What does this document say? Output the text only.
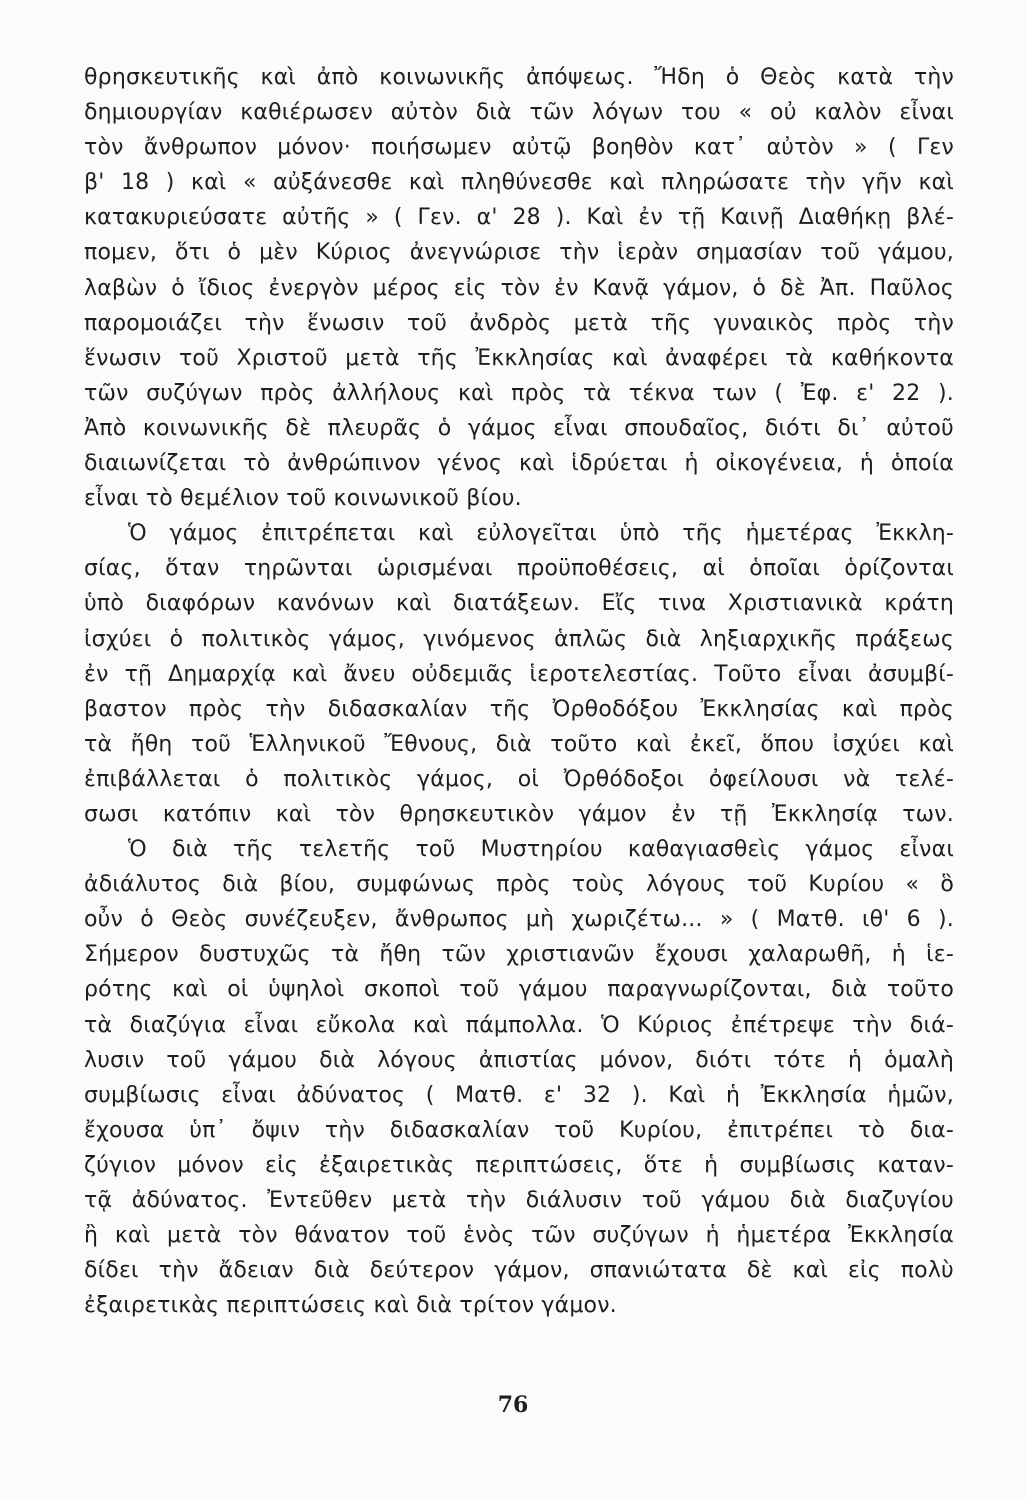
θρησκευτικῆς καὶ ἀπὸ κοινωνικῆς ἀπόψεως. Ἤδη ὁ Θεὸς κατὰ τὴν
δημιουργίαν καθιέρωσεν αὐτὸν διὰ τῶν λόγων του « οὐ καλὸν εἶναι
τὸν ἄνθρωπον μόνον· ποιήσωμεν αὐτῷ βοηθὸν κατ᾽ αὐτὸν » ( Γεν
β' 18 ) καὶ « αὐξάνεσθε καὶ πληθύνεσθε καὶ πληρώσατε τὴν γῆν καὶ
κατακυριεύσατε αὐτῆς » ( Γεν. α' 28 ). Καὶ ἐν τῇ Καινῇ Διαθήκῃ βλέ-
πομεν, ὅτι ὁ μὲν Κύριος ἀνεγνώρισε τὴν ἱερὰν σημασίαν τοῦ γάμου,
λαβὼν ὁ ἴδιος ἐνεργὸν μέρος εἰς τὸν ἐν Κανᾷ γάμον, ὁ δὲ Ἀπ. Παῦλος
παρομοιάζει τὴν ἕνωσιν τοῦ ἀνδρὸς μετὰ τῆς γυναικὸς πρὸς τὴν
ἕνωσιν τοῦ Χριστοῦ μετὰ τῆς Ἐκκλησίας καὶ ἀναφέρει τὰ καθήκοντα
τῶν συζύγων πρὸς ἀλλήλους καὶ πρὸς τὰ τέκνα των ( Ἐφ. ε' 22 ).
Ἀπὸ κοινωνικῆς δὲ πλευρᾶς ὁ γάμος εἶναι σπουδαῖος, διότι δι᾽ αὐτοῦ
διαιωνίζεται τὸ ἀνθρώπινον γένος καὶ ἱδρύεται ἡ οἰκογένεια, ἡ ὁποία
εἶναι τὸ θεμέλιον τοῦ κοινωνικοῦ βίου.
Ὁ γάμος ἐπιτρέπεται καὶ εὐλογεῖται ὑπὸ τῆς ἡμετέρας Ἐκκλη-
σίας, ὅταν τηρῶνται ὡρισμέναι προϋποθέσεις, αἱ ὁποῖαι ὁρίζονται
ὑπὸ διαφόρων κανόνων καὶ διατάξεων. Εἴς τινα Χριστιανικὰ κράτη
ἰσχύει ὁ πολιτικὸς γάμος, γινόμενος ἁπλῶς διὰ ληξιαρχικῆς πράξεως
ἐν τῇ Δημαρχίᾳ καὶ ἄνευ οὐδεμιᾶς ἱεροτελεστίας. Τοῦτο εἶναι ἀσυμβί-
βαστον πρὸς τὴν διδασκαλίαν τῆς Ὀρθοδόξου Ἐκκλησίας καὶ πρὸς
τὰ ἤθη τοῦ Ἑλληνικοῦ Ἔθνους, διὰ τοῦτο καὶ ἐκεῖ, ὅπου ἰσχύει καὶ
ἐπιβάλλεται ὁ πολιτικὸς γάμος, οἱ Ὀρθόδοξοι ὀφείλουσι νὰ τελέ-
σωσι κατόπιν καὶ τὸν θρησκευτικὸν γάμον ἐν τῇ Ἐκκλησίᾳ των.
Ὁ διὰ τῆς τελετῆς τοῦ Μυστηρίου καθαγιασθεὶς γάμος εἶναι
ἀδιάλυτος διὰ βίου, συμφώνως πρὸς τοὺς λόγους τοῦ Κυρίου « ὃ
οὖν ὁ Θεὸς συνέζευξεν, ἄνθρωπος μὴ χωριζέτω... » ( Ματθ. ιθ' 6 ).
Σήμερον δυστυχῶς τὰ ἤθη τῶν χριστιανῶν ἔχουσι χαλαρωθῆ, ἡ ἱε-
ρότης καὶ οἱ ὑψηλοὶ σκοποὶ τοῦ γάμου παραγνωρίζονται, διὰ τοῦτο
τὰ διαζύγια εἶναι εὔκολα καὶ πάμπολλα. Ὁ Κύριος ἐπέτρεψε τὴν διά-
λυσιν τοῦ γάμου διὰ λόγους ἀπιστίας μόνον, διότι τότε ἡ ὁμαλὴ
συμβίωσις εἶναι ἀδύνατος ( Ματθ. ε' 32 ). Καὶ ἡ Ἐκκλησία ἡμῶν,
ἔχουσα ὑπ᾽ ὄψιν τὴν διδασκαλίαν τοῦ Κυρίου, ἐπιτρέπει τὸ δια-
ζύγιον μόνον εἰς ἐξαιρετικὰς περιπτώσεις, ὅτε ἡ συμβίωσις καταν-
τᾷ ἀδύνατος. Ἐντεῦθεν μετὰ τὴν διάλυσιν τοῦ γάμου διὰ διαζυγίου
ἢ καὶ μετὰ τὸν θάνατον τοῦ ἑνὸς τῶν συζύγων ἡ ἡμετέρα Ἐκκλησία
δίδει τὴν ἄδειαν διὰ δεύτερον γάμον, σπανιώτατα δὲ καὶ εἰς πολὺ
ἐξαιρετικὰς περιπτώσεις καὶ διὰ τρίτον γάμον.
76
